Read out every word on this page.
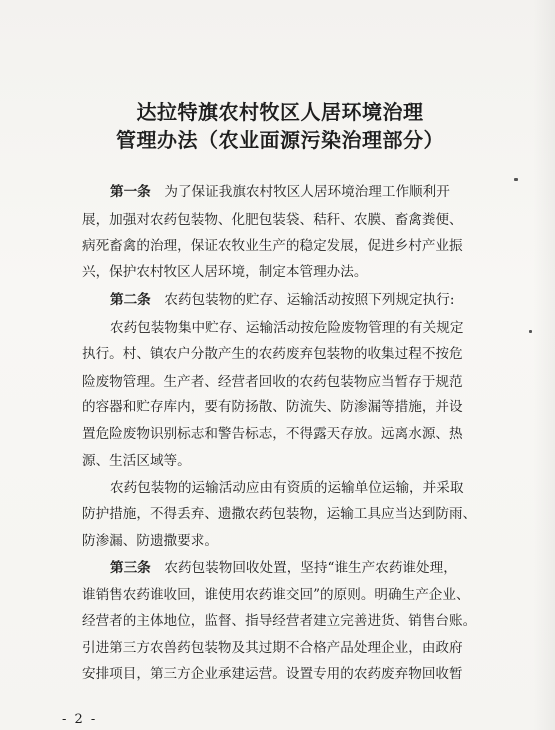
达拉特旗农村牧区人居环境治理
管理办法（农业面源污染治理部分）
第一条　 为了保证我旗农村牧区人居环境治理工作顺利开
展，加强对农药包装物、化肥包装袋、秸秆、农膜、畜禽粪便、
病死畜禽的治理，保证农牧业生产的稳定发展，促进乡村产业振
兴，保护农村牧区人居环境，制定本管理办法。
第二条　 农药包装物的贮存、运输活动按照下列规定执行:
农药包装物集中贮存、运输活动按危险废物管理的有关规定
执行。村、镇农户分散产生的农药废弃包装物的收集过程不按危
险废物管理。生产者、经营者回收的农药包装物应当暂存于规范
的容器和贮存库内，要有防扬散、防流失、防渗漏等措施，并设
置危险废物识别标志和警告标志，不得露天存放。远离水源、热
源、生活区域等。
农药包装物的运输活动应由有资质的运输单位运输，并采取
防护措施，不得丢弃、遗撒农药包装物，运输工具应当达到防雨、
防渗漏、防遗撒要求。
第三条　 农药包装物回收处置，坚持“谁生产农药谁处理，
谁销售农药谁收回，谁使用农药谁交回”的原则。明确生产企业、
经营者的主体地位，监督、指导经营者建立完善进货、销售台账。
引进第三方农兽药包装物及其过期不合格产品处理企业，由政府
安排项目，第三方企业承建运营。设置专用的农药废弃物回收暂
- 2 -
